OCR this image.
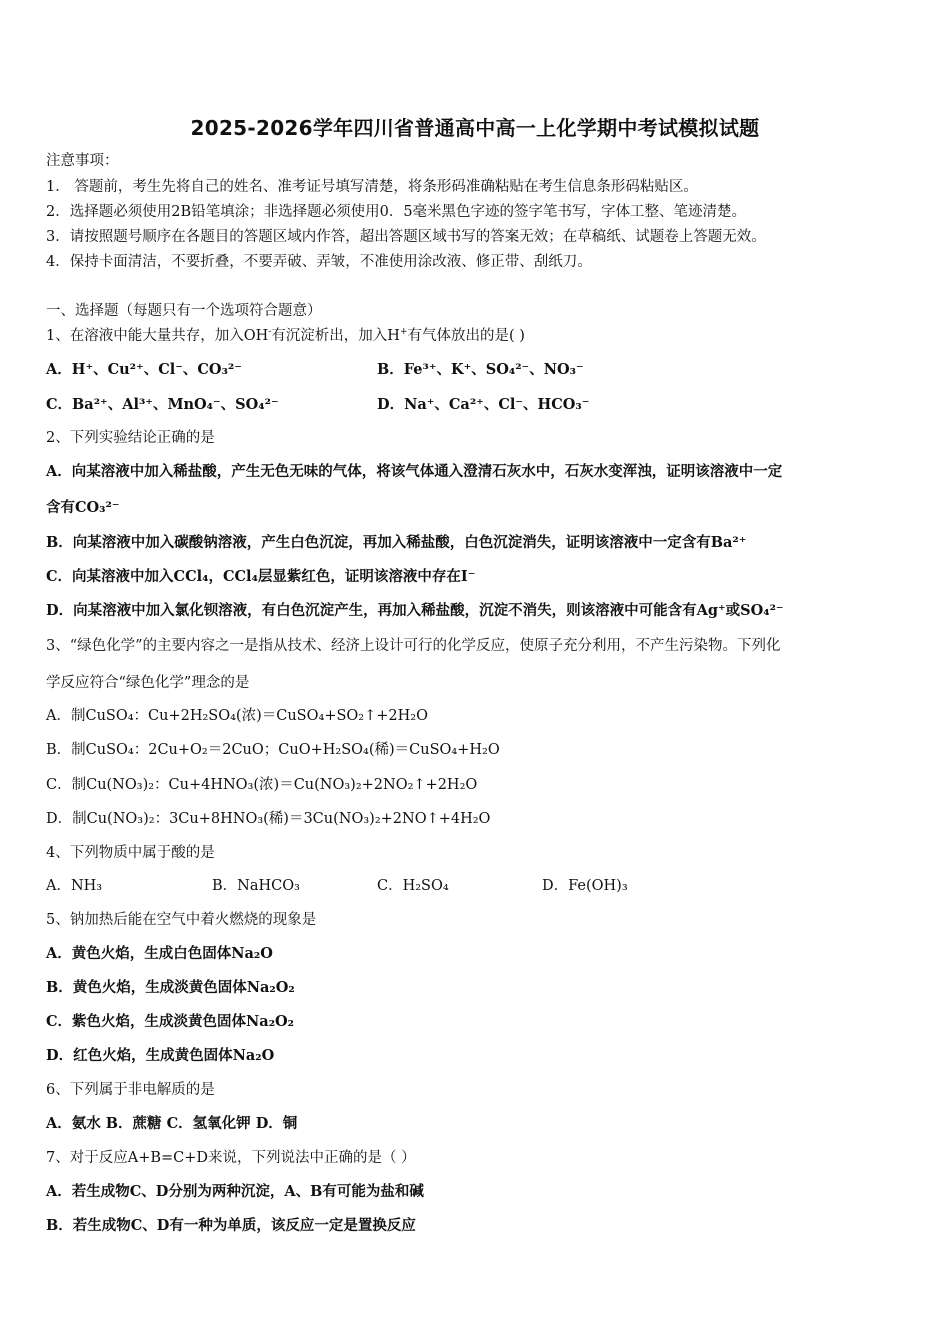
2025-2026学年四川省普通高中高一上化学期中考试模拟试题
注意事项：
1． 答题前，考生先将自己的姓名、准考证号填写清楚，将条形码准确粘贴在考生信息条形码粘贴区。
2．选择题必须使用2B铅笔填涂；非选择题必须使用0．5毫米黑色字迹的签字笔书写，字体工整、笔迹清楚。
3．请按照题号顺序在各题目的答题区域内作答，超出答题区域书写的答案无效；在草稿纸、试题卷上答题无效。
4．保持卡面清洁，不要折叠，不要弄破、弄皱，不准使用涂改液、修正带、刮纸刀。
一、选择题（每题只有一个选项符合题意）
1、在溶液中能大量共存，加入OH-有沉淀析出，加入H+有气体放出的是( )
A．H⁺、Cu²⁺、Cl⁻、CO₃²⁻	B．Fe³⁺、K⁺、SO₄²⁻、NO₃⁻
C．Ba²⁺、Al³⁺、MnO₄⁻、SO₄²⁻	D．Na⁺、Ca²⁺、Cl⁻、HCO₃⁻
2、下列实验结论正确的是
A．向某溶液中加入稀盐酸，产生无色无味的气体，将该气体通入澄清石灰水中，石灰水变浑浊，证明该溶液中一定
含有CO₃²⁻
B．向某溶液中加入碳酸钠溶液，产生白色沉淀，再加入稀盐酸，白色沉淀消失，证明该溶液中一定含有Ba²⁺
C．向某溶液中加入CCl₄，CCl₄层显紫红色，证明该溶液中存在I⁻
D．向某溶液中加入氯化钡溶液，有白色沉淀产生，再加入稀盐酸，沉淀不消失，则该溶液中可能含有Ag⁺或SO₄²⁻
3、“绿色化学”的主要内容之一是指从技术、经济上设计可行的化学反应，使原子充分利用，不产生污染物。下列化
学反应符合“绿色化学”理念的是
A．制CuSO₄：Cu+2H₂SO₄(浓)＝CuSO₄+SO₂↑+2H₂O
B．制CuSO₄：2Cu+O₂＝2CuO；CuO+H₂SO₄(稀)＝CuSO₄+H₂O
C．制Cu(NO₃)₂：Cu+4HNO₃(浓)＝Cu(NO₃)₂+2NO₂↑+2H₂O
D．制Cu(NO₃)₂：3Cu+8HNO₃(稀)＝3Cu(NO₃)₂+2NO↑+4H₂O
4、下列物质中属于酸的是
A．NH₃	B．NaHCO₃	C．H₂SO₄	D．Fe(OH)₃
5、钠加热后能在空气中着火燃烧的现象是
A．黄色火焰，生成白色固体Na₂O
B．黄色火焰，生成淡黄色固体Na₂O₂
C．紫色火焰，生成淡黄色固体Na₂O₂
D．红色火焰，生成黄色固体Na₂O
6、下列属于非电解质的是
A．氨水 B．蔗糖 C．氢氧化钾 D．铜
7、对于反应A+B=C+D来说，下列说法中正确的是（ ）
A．若生成物C、D分别为两种沉淀，A、B有可能为盐和碱
B．若生成物C、D有一种为单质，该反应一定是置换反应
